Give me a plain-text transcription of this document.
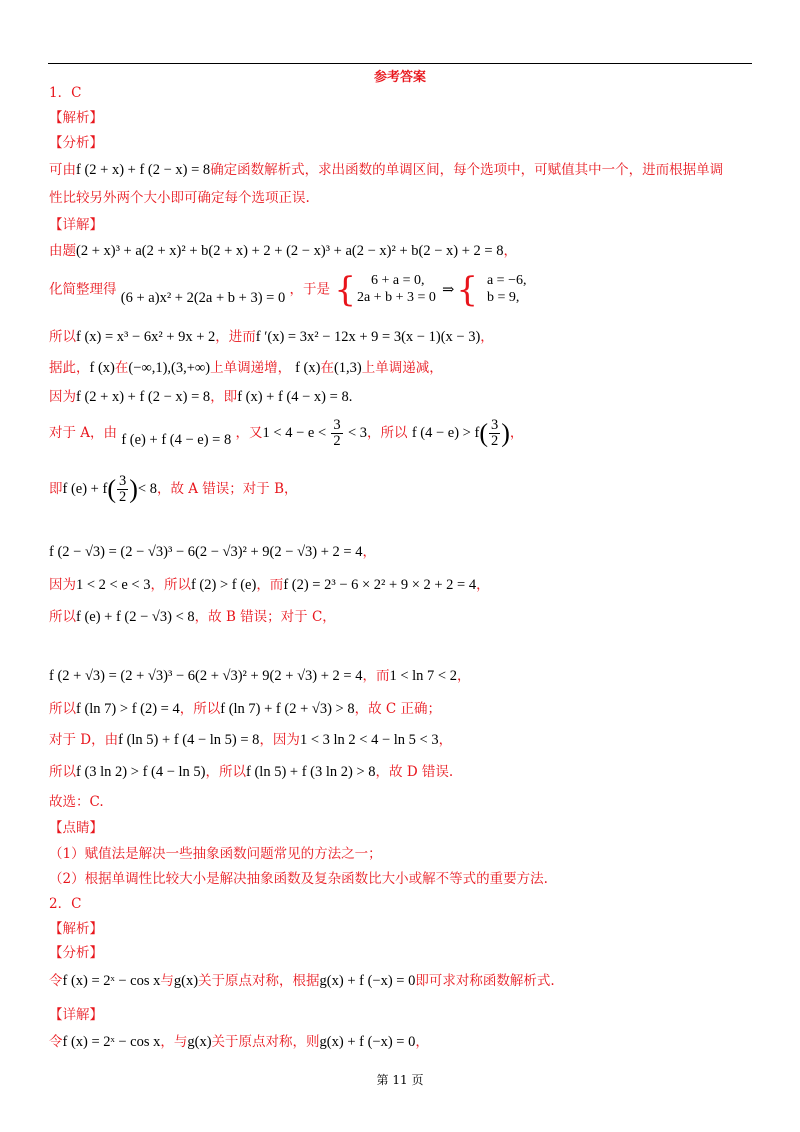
参考答案
1．C
【解析】
【分析】
可由f (2 + x) + f (2 − x) = 8确定函数解析式，求出函数的单调区间，每个选项中，可赋值其中一个，进而根据单调
性比较另外两个大小即可确定每个选项正误.
【详解】
由题(2 + x)³ + a(2 + x)² + b(2 + x) + 2 + (2 − x)³ + a(2 − x)² + b(2 − x) + 2 = 8，
化简整理得 (6 + a)x² + 2(2a + b + 3) = 0 ，于是 {	6 + a = 0,
2a + b + 3 = 0 ⇒{ a = −6,
b = 9,
所以f (x) = x³ − 6x² + 9x + 2，进而f ′(x) = 3x² − 12x + 9 = 3(x − 1)(x − 3)，
据此，f (x)在(−∞,1),(3,+∞)上单调递增， f (x)在(1,3)上单调递减，
因为f (2 + x) + f (2 − x) = 8，即f (x) + f (4 − x) = 8.
对于 A，由 f (e) + f (4 − e) = 8 ，又$1 < 4 - e < \frac{3}{2} < 3$，所以 f $(4 - e) > f( \frac{3}{2}$ )，
即f $(e) + f( \frac{3}{2}$ )< 8，故 A 错误；对于 B，
f (2 − √3) = (2 − √3)³ − 6(2 − √3)² + 9(2 − √3) + 2 = 4，
因为1 < 2 < e < 3，所以f (2) > f (e)，而f (2) = 2³ − 6 × 2² + 9 × 2 + 2 = 4，
所以f (e) + f (2 − √3) < 8，故 B 错误；对于 C，
f (2 + √3) = (2 + √3)³ − 6(2 + √3)² + 9(2 + √3) + 2 = 4，而1 < ln 7 < 2，
所以f (ln 7) > f (2) = 4，所以f (ln 7) + f (2 + √3) > 8，故 C 正确；
对于 D，由f (ln 5) + f (4 − ln 5) = 8，因为1 < 3 ln 2 < 4 − ln 5 < 3，
所以f (3 ln 2) > f (4 − ln 5)，所以f (ln 5) + f (3 ln 2) > 8，故 D 错误.
故选：C.
【点睛】
（1）赋值法是解决一些抽象函数问题常见的方法之一；
（2）根据单调性比较大小是解决抽象函数及复杂函数比大小或解不等式的重要方法.
2．C
【解析】
【分析】
令f (x) = 2ˣ − cos x与g(x)关于原点对称，根据g(x) + f (−x) = 0即可求对称函数解析式.
【详解】
令f (x) = 2ˣ − cos x，与g(x)关于原点对称，则g(x) + f (−x) = 0，
第 11 页
